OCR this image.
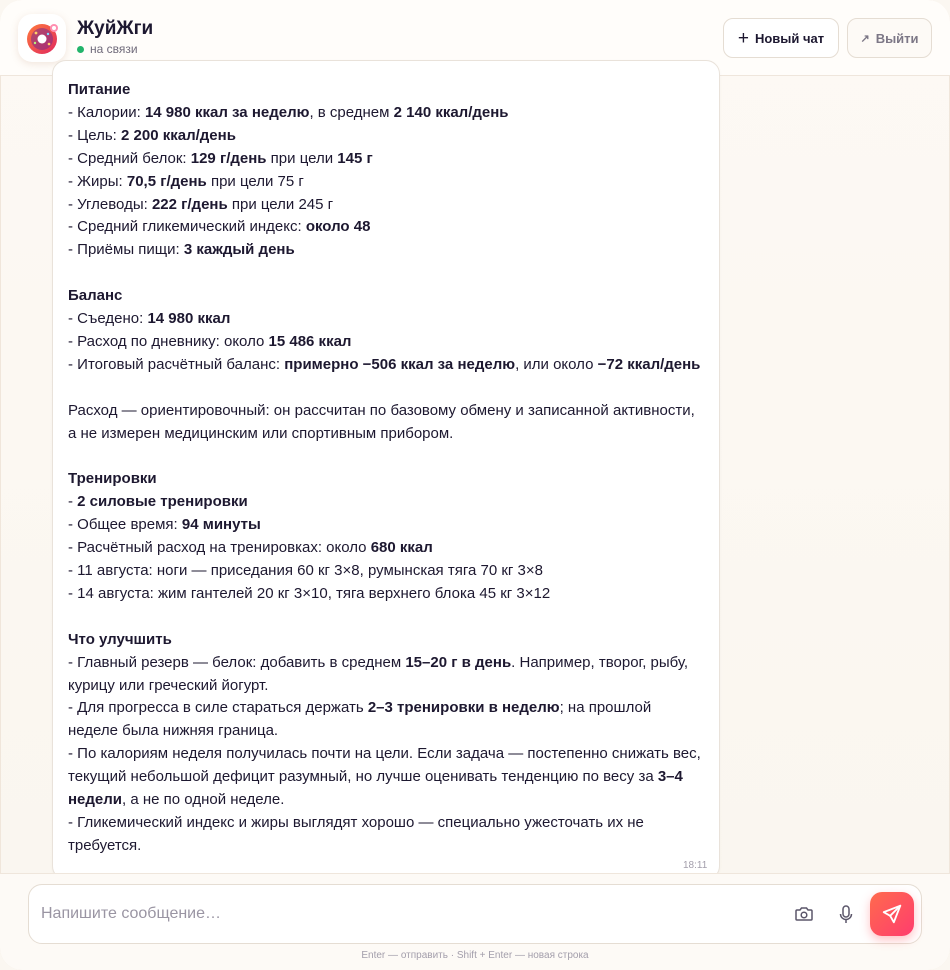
ЖуйЖги
на связи
+ Новый чат	↗ Выйти
Питание
- Калории: 14 980 ккал за неделю, в среднем 2 140 ккал/день
- Цель: 2 200 ккал/день
- Средний белок: 129 г/день при цели 145 г
- Жиры: 70,5 г/день при цели 75 г
- Углеводы: 222 г/день при цели 245 г
- Средний гликемический индекс: около 48
- Приёмы пищи: 3 каждый день
Баланс
- Съедено: 14 980 ккал
- Расход по дневнику: около 15 486 ккал
- Итоговый расчётный баланс: примерно −506 ккал за неделю, или около −72 ккал/день
Расход — ориентировочный: он рассчитан по базовому обмену и записанной активности,
а не измерен медицинским или спортивным прибором.
Тренировки
- 2 силовые тренировки
- Общее время: 94 минуты
- Расчётный расход на тренировках: около 680 ккал
- 11 августа: ноги — приседания 60 кг 3×8, румынская тяга 70 кг 3×8
- 14 августа: жим гантелей 20 кг 3×10, тяга верхнего блока 45 кг 3×12
Что улучшить
- Главный резерв — белок: добавить в среднем 15–20 г в день. Например, творог, рыбу,
курицу или греческий йогурт.
- Для прогресса в силе стараться держать 2–3 тренировки в неделю; на прошлой
неделе была нижняя граница.
- По калориям неделя получилась почти на цели. Если задача — постепенно снижать вес,
текущий небольшой дефицит разумный, но лучше оценивать тенденцию по весу за 3–4
недели, а не по одной неделе.
- Гликемический индекс и жиры выглядят хорошо — специально ужесточать их не
требуется.
18:11
Напишите сообщение…
Enter — отправить · Shift + Enter — новая строка
